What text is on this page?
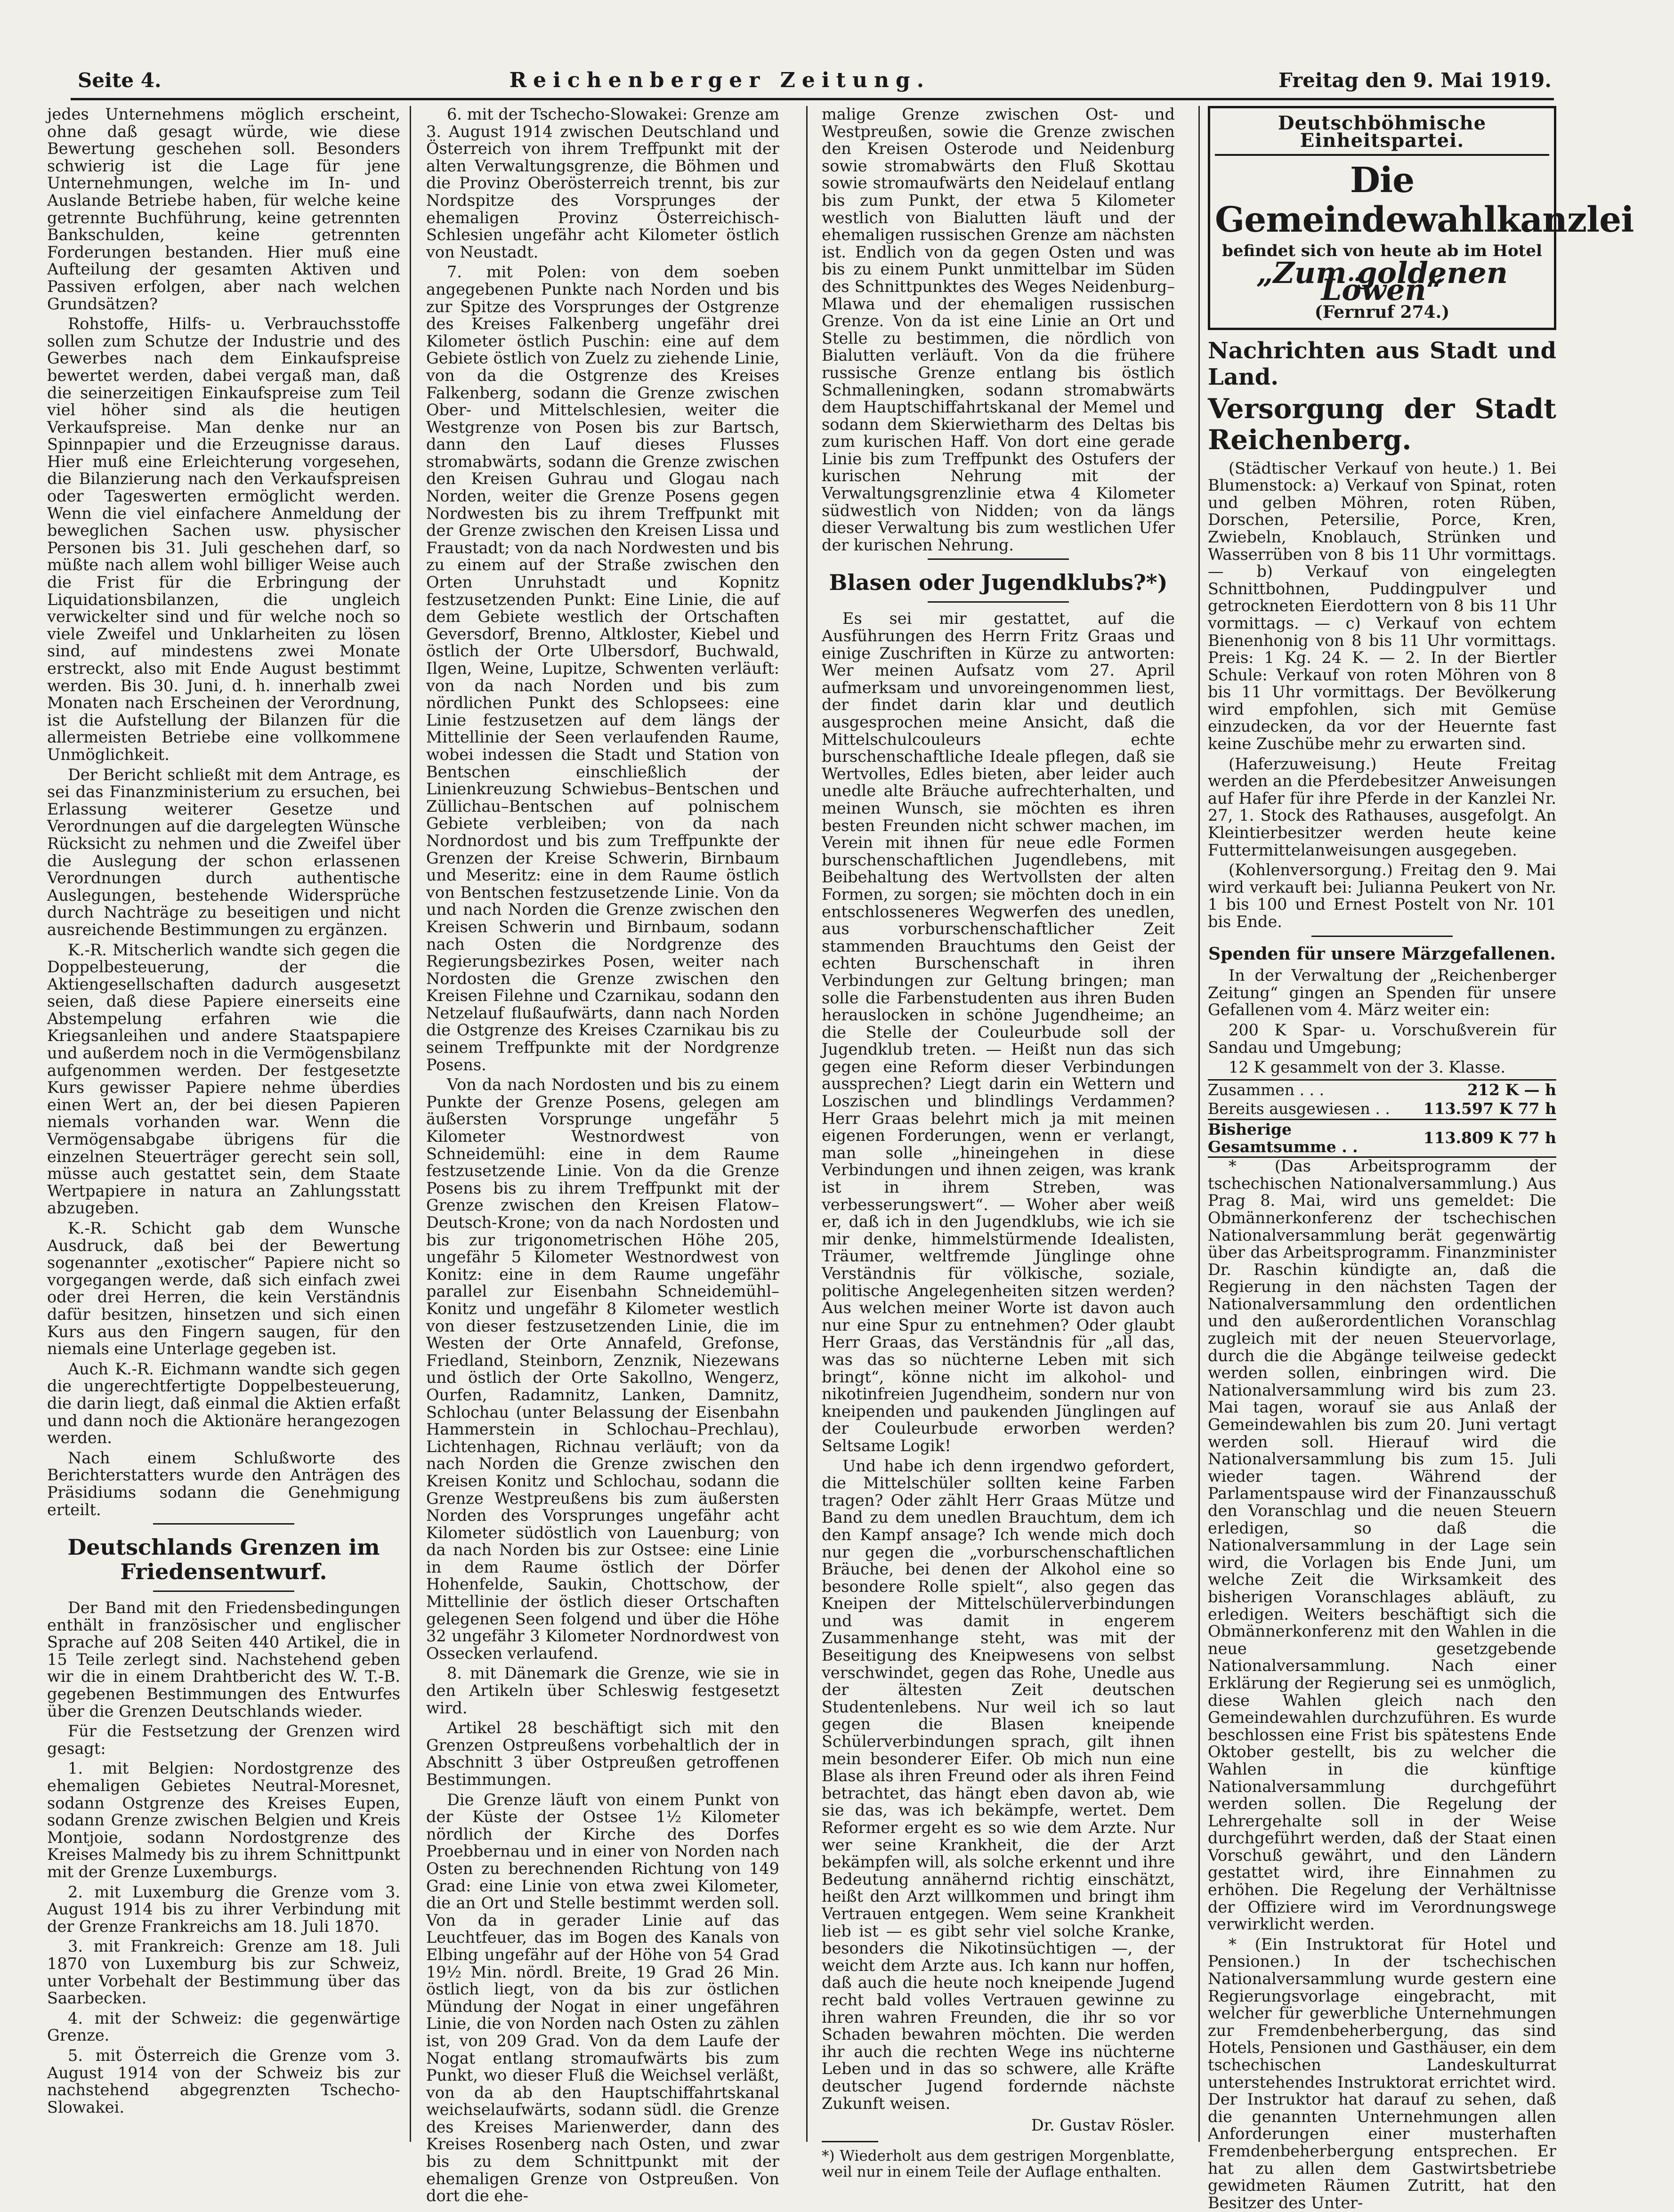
Seite 4.	Reichenberger Zeitung.	Freitag den 9. Mai 1919.

jedes Unternehmens möglich erscheint, ohne daß gesagt würde, wie diese Bewertung geschehen soll. Besonders schwierig ist die Lage für jene Unternehmungen, welche im In- und Auslande Betriebe haben, für welche keine getrennte Buchführung, keine getrennten Bankschulden, keine getrennten Forderungen bestanden. Hier muß eine Aufteilung der gesamten Aktiven und Passiven erfolgen, aber nach welchen Grundsätzen?

Rohstoffe, Hilfs- u. Verbrauchsstoffe sollen zum Schutze der Industrie und des Gewerbes nach dem Einkaufspreise bewertet werden, dabei vergaß man, daß die seinerzeitigen Einkaufspreise zum Teil viel höher sind als die heutigen Verkaufspreise. Man denke nur an Spinnpapier und die Erzeugnisse daraus. Hier muß eine Erleichterung vorgesehen, die Bilanzierung nach den Verkaufspreisen oder Tageswerten ermöglicht werden. Wenn die viel einfachere Anmeldung der beweglichen Sachen usw. physischer Personen bis 31. Juli geschehen darf, so müßte nach allem wohl billiger Weise auch die Frist für die Erbringung der Liquidationsbilanzen, die ungleich verwickelter sind und für welche noch so viele Zweifel und Unklarheiten zu lösen sind, auf mindestens zwei Monate erstreckt, also mit Ende August bestimmt werden. Bis 30. Juni, d. h. innerhalb zwei Monaten nach Erscheinen der Verordnung, ist die Aufstellung der Bilanzen für die allermeisten Betriebe eine vollkommene Unmöglichkeit.

Der Bericht schließt mit dem Antrage, es sei das Finanzministerium zu ersuchen, bei Erlassung weiterer Gesetze und Verordnungen auf die dargelegten Wünsche Rücksicht zu nehmen und die Zweifel über die Auslegung der schon erlassenen Verordnungen durch authentische Auslegungen, bestehende Widersprüche durch Nachträge zu beseitigen und nicht ausreichende Bestimmungen zu ergänzen.

K.-R. Mitscherlich wandte sich gegen die Doppelbesteuerung, der die Aktiengesellschaften dadurch ausgesetzt seien, daß diese Papiere einerseits eine Abstempelung erfahren wie die Kriegsanleihen und andere Staatspapiere und außerdem noch in die Vermögensbilanz aufgenommen werden. Der festgesetzte Kurs gewisser Papiere nehme überdies einen Wert an, der bei diesen Papieren niemals vorhanden war. Wenn die Vermögensabgabe übrigens für die einzelnen Steuerträger gerecht sein soll, müsse auch gestattet sein, dem Staate Wertpapiere in natura an Zahlungsstatt abzugeben.

K.-R. Schicht gab dem Wunsche Ausdruck, daß bei der Bewertung sogenannter „exotischer“ Papiere nicht so vorgegangen werde, daß sich einfach zwei oder drei Herren, die kein Verständnis dafür besitzen, hinsetzen und sich einen Kurs aus den Fingern saugen, für den niemals eine Unterlage gegeben ist.

Auch K.-R. Eichmann wandte sich gegen die ungerechtfertigte Doppelbesteuerung, die darin liegt, daß einmal die Aktien erfaßt und dann noch die Aktionäre herangezogen werden.

Nach einem Schlußworte des Berichterstatters wurde den Anträgen des Präsidiums sodann die Genehmigung erteilt.

Deutschlands Grenzen im Friedensentwurf.

Der Band mit den Friedensbedingungen enthält in französischer und englischer Sprache auf 208 Seiten 440 Artikel, die in 15 Teile zerlegt sind. Nachstehend geben wir die in einem Drahtbericht des W. T.-B. gegebenen Bestimmungen des Entwurfes über die Grenzen Deutschlands wieder.

Für die Festsetzung der Grenzen wird gesagt:

1. mit Belgien: Nordostgrenze des ehemaligen Gebietes Neutral-Moresnet, sodann Ostgrenze des Kreises Eupen, sodann Grenze zwischen Belgien und Kreis Montjoie, sodann Nordostgrenze des Kreises Malmedy bis zu ihrem Schnittpunkt mit der Grenze Luxemburgs.

2. mit Luxemburg die Grenze vom 3. August 1914 bis zu ihrer Verbindung mit der Grenze Frankreichs am 18. Juli 1870.

3. mit Frankreich: Grenze am 18. Juli 1870 von Luxemburg bis zur Schweiz, unter Vorbehalt der Bestimmung über das Saarbecken.

4. mit der Schweiz: die gegenwärtige Grenze.

5. mit Österreich die Grenze vom 3. August 1914 von der Schweiz bis zur nachstehend abgegrenzten Tschecho-Slowakei.

6. mit der Tschecho-Slowakei: Grenze am 3. August 1914 zwischen Deutschland und Österreich von ihrem Treffpunkt mit der alten Verwaltungsgrenze, die Böhmen und die Provinz Oberösterreich trennt, bis zur Nordspitze des Vorsprunges der ehemaligen Provinz Österreichisch-Schlesien ungefähr acht Kilometer östlich von Neustadt.

7. mit Polen: von dem soeben angegebenen Punkte nach Norden und bis zur Spitze des Vorsprunges der Ostgrenze des Kreises Falkenberg ungefähr drei Kilometer östlich Puschin: eine auf dem Gebiete östlich von Zuelz zu ziehende Linie, von da die Ostgrenze des Kreises Falkenberg, sodann die Grenze zwischen Ober- und Mittelschlesien, weiter die Westgrenze von Posen bis zur Bartsch, dann den Lauf dieses Flusses stromabwärts, sodann die Grenze zwischen den Kreisen Guhrau und Glogau nach Norden, weiter die Grenze Posens gegen Nordwesten bis zu ihrem Treffpunkt mit der Grenze zwischen den Kreisen Lissa und Fraustadt; von da nach Nordwesten und bis zu einem auf der Straße zwischen den Orten Unruhstadt und Kopnitz festzusetzenden Punkt: Eine Linie, die auf dem Gebiete westlich der Ortschaften Geversdorf, Brenno, Altkloster, Kiebel und östlich der Orte Ulbersdorf, Buchwald, Ilgen, Weine, Lupitze, Schwenten verläuft: von da nach Norden und bis zum nördlichen Punkt des Schlopsees: eine Linie festzusetzen auf dem längs der Mittellinie der Seen verlaufenden Raume, wobei indessen die Stadt und Station von Bentschen einschließlich der Linienkreuzung Schwiebus–Bentschen und Züllichau–Bentschen auf polnischem Gebiete verbleiben; von da nach Nordnordost und bis zum Treffpunkte der Grenzen der Kreise Schwerin, Birnbaum und Meseritz: eine in dem Raume östlich von Bentschen festzusetzende Linie. Von da und nach Norden die Grenze zwischen den Kreisen Schwerin und Birnbaum, sodann nach Osten die Nordgrenze des Regierungsbezirkes Posen, weiter nach Nordosten die Grenze zwischen den Kreisen Filehne und Czarnikau, sodann den Netzelauf flußaufwärts, dann nach Norden die Ostgrenze des Kreises Czarnikau bis zu seinem Treffpunkte mit der Nordgrenze Posens.

Von da nach Nordosten und bis zu einem Punkte der Grenze Posens, gelegen am äußersten Vorsprunge ungefähr 5 Kilometer Westnordwest von Schneidemühl: eine in dem Raume festzusetzende Linie. Von da die Grenze Posens bis zu ihrem Treffpunkt mit der Grenze zwischen den Kreisen Flatow–Deutsch-Krone; von da nach Nordosten und bis zur trigonometrischen Höhe 205, ungefähr 5 Kilometer Westnordwest von Konitz: eine in dem Raume ungefähr parallel zur Eisenbahn Schneidemühl–Konitz und ungefähr 8 Kilometer westlich von dieser festzusetzenden Linie, die im Westen der Orte Annafeld, Grefonse, Friedland, Steinborn, Zenznik, Niezewans und östlich der Orte Sakollno, Wengerz, Ourfen, Radamnitz, Lanken, Damnitz, Schlochau (unter Belassung der Eisenbahn Hammerstein in Schlochau–Prechlau), Lichtenhagen, Richnau verläuft; von da nach Norden die Grenze zwischen den Kreisen Konitz und Schlochau, sodann die Grenze Westpreußens bis zum äußersten Norden des Vorsprunges ungefähr acht Kilometer südöstlich von Lauenburg; von da nach Norden bis zur Ostsee: eine Linie in dem Raume östlich der Dörfer Hohenfelde, Saukin, Chottschow, der Mittellinie der östlich dieser Ortschaften gelegenen Seen folgend und über die Höhe 32 ungefähr 3 Kilometer Nordnordwest von Ossecken verlaufend.

8. mit Dänemark die Grenze, wie sie in den Artikeln über Schleswig festgesetzt wird.

Artikel 28 beschäftigt sich mit den Grenzen Ostpreußens vorbehaltlich der in Abschnitt 3 über Ostpreußen getroffenen Bestimmungen.

Die Grenze läuft von einem Punkt von der Küste der Ostsee 1½ Kilometer nördlich der Kirche des Dorfes Proebbernau und in einer von Norden nach Osten zu berechnenden Richtung von 149 Grad: eine Linie von etwa zwei Kilometer, die an Ort und Stelle bestimmt werden soll. Von da in gerader Linie auf das Leuchtfeuer, das im Bogen des Kanals von Elbing ungefähr auf der Höhe von 54 Grad 19½ Min. nördl. Breite, 19 Grad 26 Min. östlich liegt, von da bis zur östlichen Mündung der Nogat in einer ungefähren Linie, die von Norden nach Osten zu zählen ist, von 209 Grad. Von da dem Laufe der Nogat entlang stromaufwärts bis zum Punkt, wo dieser Fluß die Weichsel verläßt, von da ab den Hauptschiffahrtskanal weichselaufwärts, sodann südl. die Grenze des Kreises Marienwerder, dann des Kreises Rosenberg nach Osten, und zwar bis zu dem Schnittpunkt mit der ehemaligen Grenze von Ostpreußen. Von dort die ehe-

malige Grenze zwischen Ost- und Westpreußen, sowie die Grenze zwischen den Kreisen Osterode und Neidenburg sowie stromabwärts den Fluß Skottau sowie stromaufwärts den Neidelauf entlang bis zum Punkt, der etwa 5 Kilometer westlich von Bialutten läuft und der ehemaligen russischen Grenze am nächsten ist. Endlich von da gegen Osten und was bis zu einem Punkt unmittelbar im Süden des Schnittpunktes des Weges Neidenburg–Mlawa und der ehemaligen russischen Grenze. Von da ist eine Linie an Ort und Stelle zu bestimmen, die nördlich von Bialutten verläuft. Von da die frühere russische Grenze entlang bis östlich Schmalleningken, sodann stromabwärts dem Hauptschiffahrtskanal der Memel und sodann dem Skierwietharm des Deltas bis zum kurischen Haff. Von dort eine gerade Linie bis zum Treffpunkt des Ostufers der kurischen Nehrung mit der Verwaltungsgrenzlinie etwa 4 Kilometer südwestlich von Nidden; von da längs dieser Verwaltung bis zum westlichen Ufer der kurischen Nehrung.

Blasen oder Jugendklubs?*)

Es sei mir gestattet, auf die Ausführungen des Herrn Fritz Graas und einige Zuschriften in Kürze zu antworten: Wer meinen Aufsatz vom 27. April aufmerksam und unvoreingenommen liest, der findet darin klar und deutlich ausgesprochen meine Ansicht, daß die Mittelschulcouleurs echte burschenschaftliche Ideale pflegen, daß sie Wertvolles, Edles bieten, aber leider auch unedle alte Bräuche aufrechterhalten, und meinen Wunsch, sie möchten es ihren besten Freunden nicht schwer machen, im Verein mit ihnen für neue edle Formen burschenschaftlichen Jugendlebens, mit Beibehaltung des Wertvollsten der alten Formen, zu sorgen; sie möchten doch in ein entschlosseneres Wegwerfen des unedlen, aus vorburschenschaftlicher Zeit stammenden Brauchtums den Geist der echten Burschenschaft in ihren Verbindungen zur Geltung bringen; man solle die Farbenstudenten aus ihren Buden herauslocken in schöne Jugendheime; an die Stelle der Couleurbude soll der Jugendklub treten. — Heißt nun das sich gegen eine Reform dieser Verbindungen aussprechen? Liegt darin ein Wettern und Loszischen und blindlings Verdammen? Herr Graas belehrt mich ja mit meinen eigenen Forderungen, wenn er verlangt, man solle „hineingehen in diese Verbindungen und ihnen zeigen, was krank ist in ihrem Streben, was verbesserungswert“. — Woher aber weiß er, daß ich in den Jugendklubs, wie ich sie mir denke, himmelstürmende Idealisten, Träumer, weltfremde Jünglinge ohne Verständnis für völkische, soziale, politische Angelegenheiten sitzen werden? Aus welchen meiner Worte ist davon auch nur eine Spur zu entnehmen? Oder glaubt Herr Graas, das Verständnis für „all das, was das so nüchterne Leben mit sich bringt“, könne nicht im alkohol- und nikotinfreien Jugendheim, sondern nur von kneipenden und paukenden Jünglingen auf der Couleurbude erworben werden? Seltsame Logik!

Und habe ich denn irgendwo gefordert, die Mittelschüler sollten keine Farben tragen? Oder zählt Herr Graas Mütze und Band zu dem unedlen Brauchtum, dem ich den Kampf ansage? Ich wende mich doch nur gegen die „vorburschenschaftlichen Bräuche, bei denen der Alkohol eine so besondere Rolle spielt“, also gegen das Kneipen der Mittelschülerverbindungen und was damit in engerem Zusammenhange steht, was mit der Beseitigung des Kneipwesens von selbst verschwindet, gegen das Rohe, Unedle aus der ältesten Zeit deutschen Studentenlebens. Nur weil ich so laut gegen die Blasen kneipende Schülerverbindungen sprach, gilt ihnen mein besonderer Eifer. Ob mich nun eine Blase als ihren Freund oder als ihren Feind betrachtet, das hängt eben davon ab, wie sie das, was ich bekämpfe, wertet. Dem Reformer ergeht es so wie dem Arzte. Nur wer seine Krankheit, die der Arzt bekämpfen will, als solche erkennt und ihre Bedeutung annähernd richtig einschätzt, heißt den Arzt willkommen und bringt ihm Vertrauen entgegen. Wem seine Krankheit lieb ist — es gibt sehr viel solche Kranke, besonders die Nikotinsüchtigen —, der weicht dem Arzte aus. Ich kann nur hoffen, daß auch die heute noch kneipende Jugend recht bald volles Vertrauen gewinne zu ihren wahren Freunden, die ihr so vor Schaden bewahren möchten. Die werden ihr auch die rechten Wege ins nüchterne Leben und in das so schwere, alle Kräfte deutscher Jugend fordernde nächste Zukunft weisen.

Dr. Gustav Rösler.
*) Wiederholt aus dem gestrigen Morgenblatte, weil nur in einem Teile der Auflage enthalten.
Deutschböhmische Einheitspartei.
Die Gemeindewahlkanzlei
befindet sich von heute ab im Hotel
„Zum goldenen Löwen“
(Fernruf 274.)
Nachrichten aus Stadt und Land.
Versorgung der Stadt Reichenberg.

(Städtischer Verkauf von heute.) 1. Bei Blumenstock: a) Verkauf von Spinat, roten und gelben Möhren, roten Rüben, Dorschen, Petersilie, Porce, Kren, Zwiebeln, Knoblauch, Strünken und Wasserrüben von 8 bis 11 Uhr vormittags. — b) Verkauf von eingelegten Schnittbohnen, Puddingpulver und getrockneten Eierdottern von 8 bis 11 Uhr vormittags. — c) Verkauf von echtem Bienenhonig von 8 bis 11 Uhr vormittags. Preis: 1 Kg. 24 K. — 2. In der Biertler Schule: Verkauf von roten Möhren von 8 bis 11 Uhr vormittags. Der Bevölkerung wird empfohlen, sich mit Gemüse einzudecken, da vor der Heuernte fast keine Zuschübe mehr zu erwarten sind.

(Haferzuweisung.) Heute Freitag werden an die Pferdebesitzer Anweisungen auf Hafer für ihre Pferde in der Kanzlei Nr. 27, 1. Stock des Rathauses, ausgefolgt. An Kleintierbesitzer werden heute keine Futtermittelanweisungen ausgegeben.

(Kohlenversorgung.) Freitag den 9. Mai wird verkauft bei: Julianna Peukert von Nr. 1 bis 100 und Ernest Postelt von Nr. 101 bis Ende.

Spenden für unsere Märzgefallenen.

In der Verwaltung der „Reichenberger Zeitung“ gingen an Spenden für unsere Gefallenen vom 4. März weiter ein:

200 K Spar- u. Vorschußverein für Sandau und Umgebung;

12 K gesammelt von der 3. Klasse.

Zusammen . . .	212 K — h
Bereits ausgewiesen . .	113.597 K 77 h
Bisherige Gesamtsumme . .	113.809 K 77 h

* (Das Arbeitsprogramm der tschechischen Nationalversammlung.) Aus Prag 8. Mai, wird uns gemeldet: Die Obmännerkonferenz der tschechischen Nationalversammlung berät gegenwärtig über das Arbeitsprogramm. Finanzminister Dr. Raschin kündigte an, daß die Regierung in den nächsten Tagen der Nationalversammlung den ordentlichen und den außerordentlichen Voranschlag zugleich mit der neuen Steuervorlage, durch die die Abgänge teilweise gedeckt werden sollen, einbringen wird. Die Nationalversammlung wird bis zum 23. Mai tagen, worauf sie aus Anlaß der Gemeindewahlen bis zum 20. Juni vertagt werden soll. Hierauf wird die Nationalversammlung bis zum 15. Juli wieder tagen. Während der Parlamentspause wird der Finanzausschuß den Voranschlag und die neuen Steuern erledigen, so daß die Nationalversammlung in der Lage sein wird, die Vorlagen bis Ende Juni, um welche Zeit die Wirksamkeit des bisherigen Voranschlages abläuft, zu erledigen. Weiters beschäftigt sich die Obmännerkonferenz mit den Wahlen in die neue gesetzgebende Nationalversammlung. Nach einer Erklärung der Regierung sei es unmöglich, diese Wahlen gleich nach den Gemeindewahlen durchzuführen. Es wurde beschlossen eine Frist bis spätestens Ende Oktober gestellt, bis zu welcher die Wahlen in die künftige Nationalversammlung durchgeführt werden sollen. Die Regelung der Lehrergehalte soll in der Weise durchgeführt werden, daß der Staat einen Vorschuß gewährt, und den Ländern gestattet wird, ihre Einnahmen zu erhöhen. Die Regelung der Verhältnisse der Offiziere wird im Verordnungswege verwirklicht werden.

* (Ein Instruktorat für Hotel und Pensionen.) In der tschechischen Nationalversammlung wurde gestern eine Regierungsvorlage eingebracht, mit welcher für gewerbliche Unternehmungen zur Fremdenbeherbergung, das sind Hotels, Pensionen und Gasthäuser, ein dem tschechischen Landeskulturrat unterstehendes Instruktorat errichtet wird. Der Instruktor hat darauf zu sehen, daß die genannten Unternehmungen allen Anforderungen einer musterhaften Fremdenbeherbergung entsprechen. Er hat zu allen dem Gastwirtsbetriebe gewidmeten Räumen Zutritt, hat den Besitzer des Unter-
